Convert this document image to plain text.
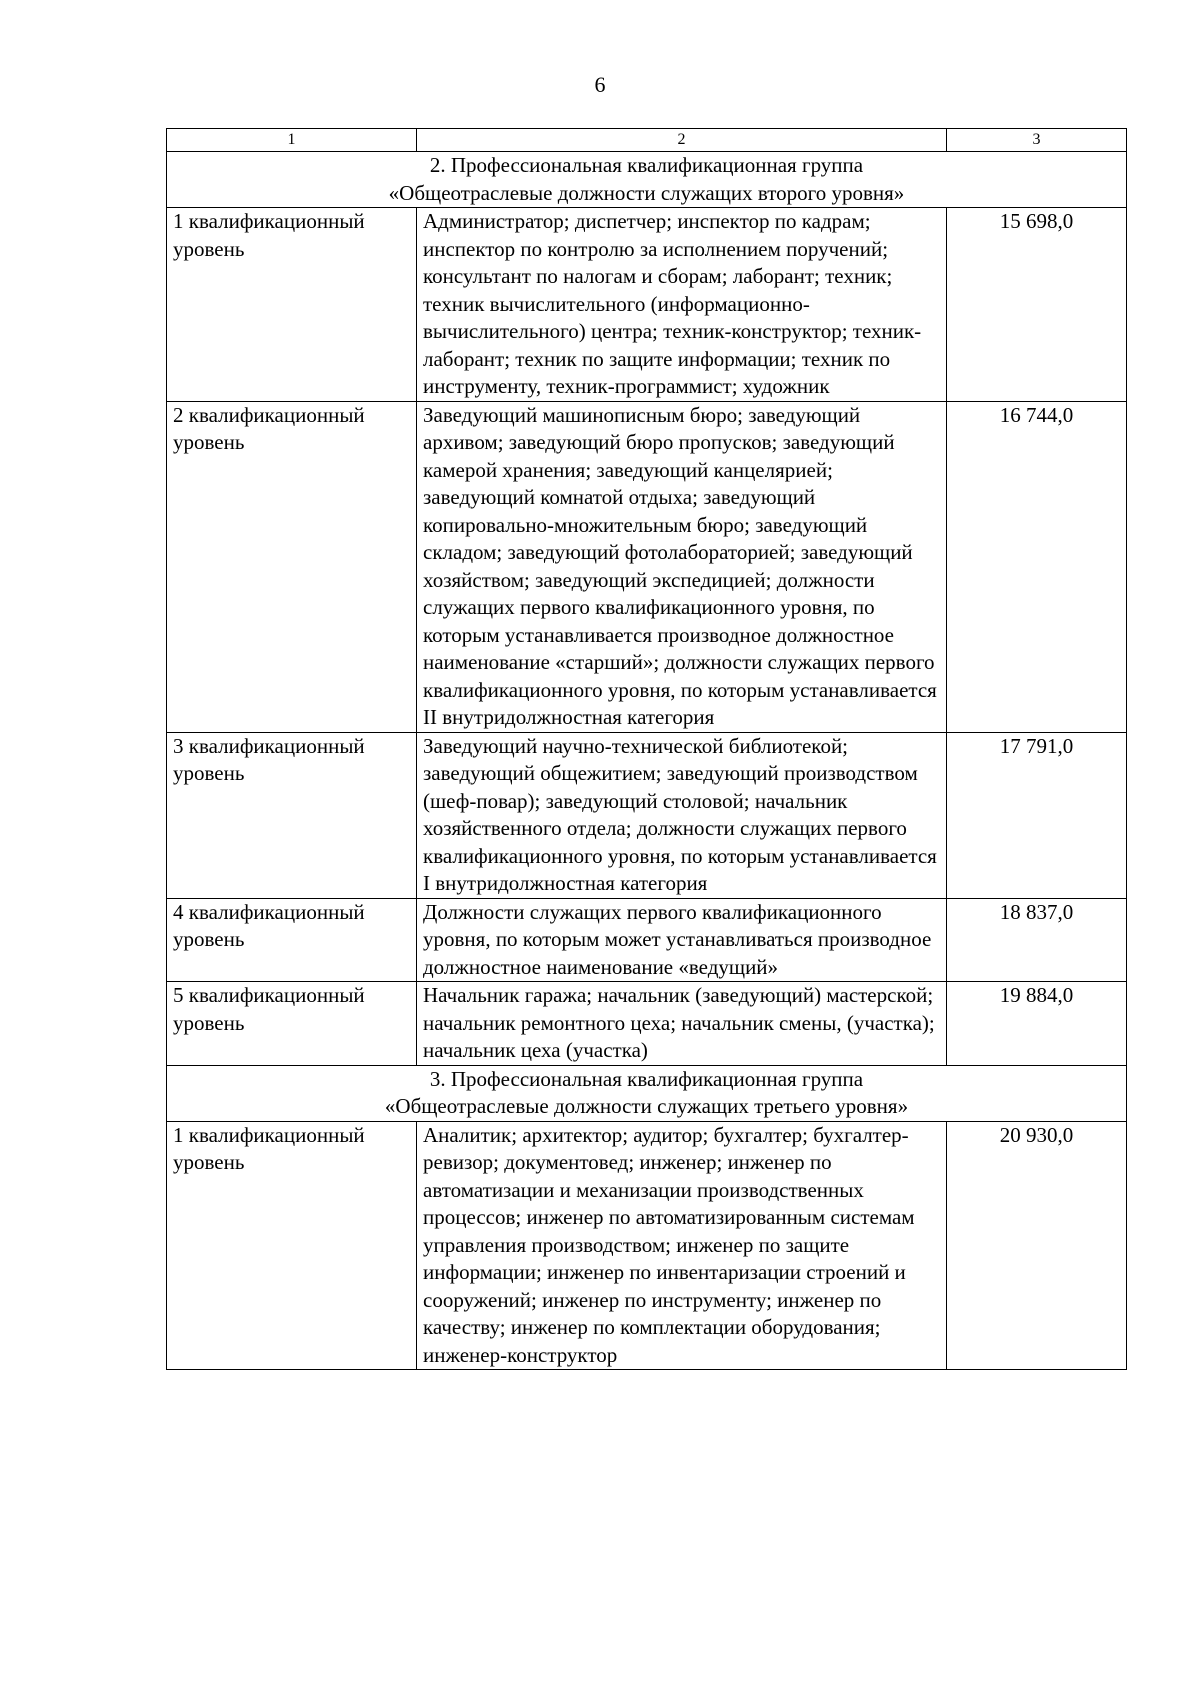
6
1	2	3

2. Профессиональная квалификационная группа
«Общеотраслевые должности служащих второго уровня»		

1 квалификационный уровень	Администратор; диспетчер; инспектор по кадрам; инспектор по контролю за исполнением поручений; консультант по налогам и сборам; лаборант; техник; техник вычислительного (информационно-вычислительного) центра; техник-конструктор; техник-лаборант; техник по защите информации; техник по инструменту, техник-программист; художник	15 698,0
2 квалификационный уровень	Заведующий машинописным бюро; заведующий архивом; заведующий бюро пропусков; заведующий камерой хранения; заведующий канцелярией; заведующий комнатой отдыха; заведующий копировально-множительным бюро; заведующий складом; заведующий фотолабораторией; заведующий хозяйством; заведующий экспедицией; должности служащих первого квалификационного уровня, по которым устанавливается производное должностное наименование «старший»; должности служащих первого квалификационного уровня, по которым устанавливается II внутридолжностная категория	16 744,0
3 квалификационный уровень	Заведующий научно-технической библиотекой; заведующий общежитием; заведующий производством (шеф-повар); заведующий столовой; начальник хозяйственного отдела; должности служащих первого квалификационного уровня, по которым устанавливается I внутридолжностная категория	17 791,0
4 квалификационный уровень	Должности служащих первого квалификационного уровня, по которым может устанавливаться производное должностное наименование «ведущий»	18 837,0
5 квалификационный уровень	Начальник гаража; начальник (заведующий) мастерской; начальник ремонтного цеха; начальник смены, (участка); начальник цеха (участка)	19 884,0

3. Профессиональная квалификационная группа
«Общеотраслевые должности служащих третьего уровня»		

1 квалификационный уровень	Аналитик; архитектор; аудитор; бухгалтер; бухгалтер-ревизор; документовед; инженер; инженер по автоматизации и механизации производственных процессов; инженер по автоматизированным системам управления производством; инженер по защите информации; инженер по инвентаризации строений и сооружений; инженер по инструменту; инженер по качеству; инженер по комплектации оборудования; инженер-конструктор	20 930,0
